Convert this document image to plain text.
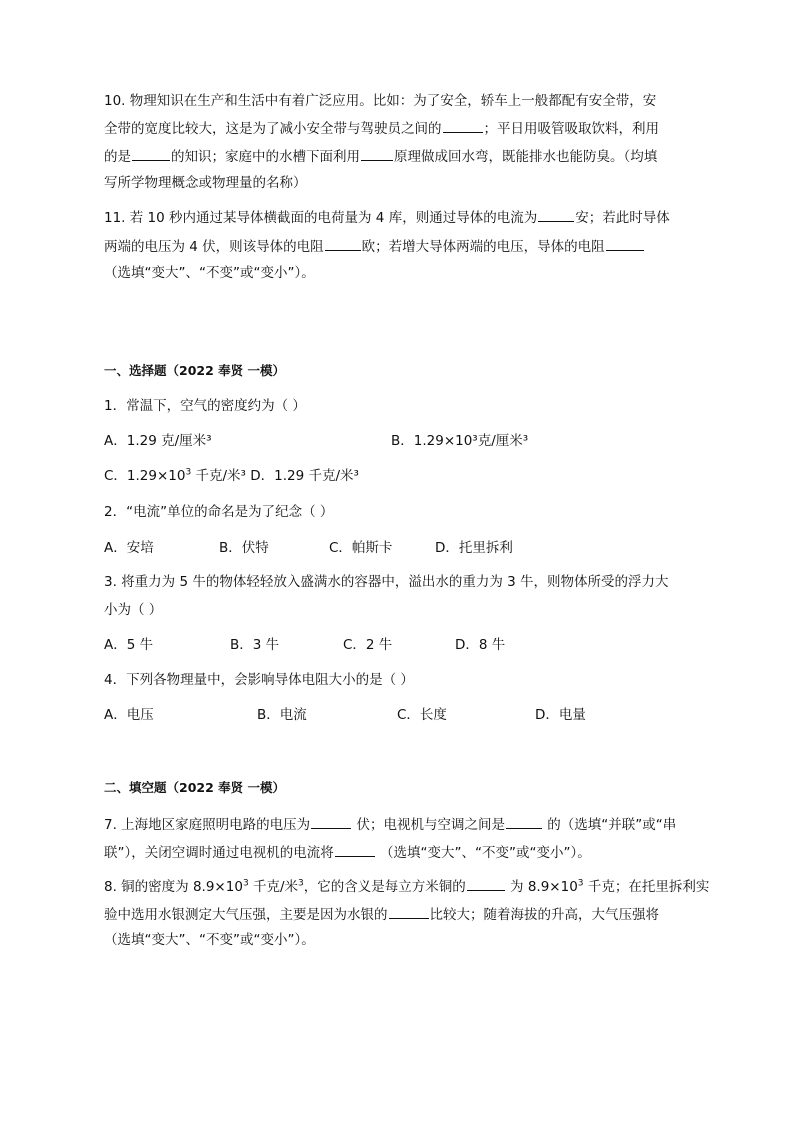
10. 物理知识在生产和生活中有着广泛应用。比如：为了安全，轿车上一般都配有安全带，安
全带的宽度比较大，这是为了减小安全带与驾驶员之间的	；平日用吸管吸取饮料，利用
的是	的知识；家庭中的水槽下面利用	原理做成回水弯，既能排水也能防臭。（均填
写所学物理概念或物理量的名称）
11. 若 10 秒内通过某导体横截面的电荷量为 4 库，则通过导体的电流为	安；若此时导体
两端的电压为 4 伏，则该导体的电阻	欧；若增大导体两端的电压，导体的电阻
（选填“变大”、“不变”或“变小”）。
一、选择题（2022 奉贤 一模）
1．常温下，空气的密度约为（ ）
A．1.29 克/厘米³	B．1.29×10³克/厘米³
C．$1.29\times 10^3$ 千克/米³ D．1.29 千克/米³
2．“电流”单位的命名是为了纪念（ ）
A．安培	B．伏特	C．帕斯卡	D．托里拆利
3. 将重力为 5 牛的物体轻轻放入盛满水的容器中，溢出水的重力为 3 牛，则物体所受的浮力大
小为（ ）
A．5 牛	B．3 牛	C．2 牛	D．8 牛
4．下列各物理量中，会影响导体电阻大小的是（ ）
A．电压	B．电流	C．长度	D．电量
二、填空题（2022 奉贤 一模）
7. 上海地区家庭照明电路的电压为	伏；电视机与空调之间是	的（选填“并联”或“串
联”），关闭空调时通过电视机的电流将	（选填“变大”、“不变”或“变小”）。
8. 铜的密度为 $8.9\times 10^3$ 千克/米$^3$，它的含义是每立方米铜的	为 $8.9\times 10^3$ 千克；在托里拆利实
验中选用水银测定大气压强，主要是因为水银的	比较大；随着海拔的升高，大气压强将
（选填“变大”、“不变”或“变小”）。
